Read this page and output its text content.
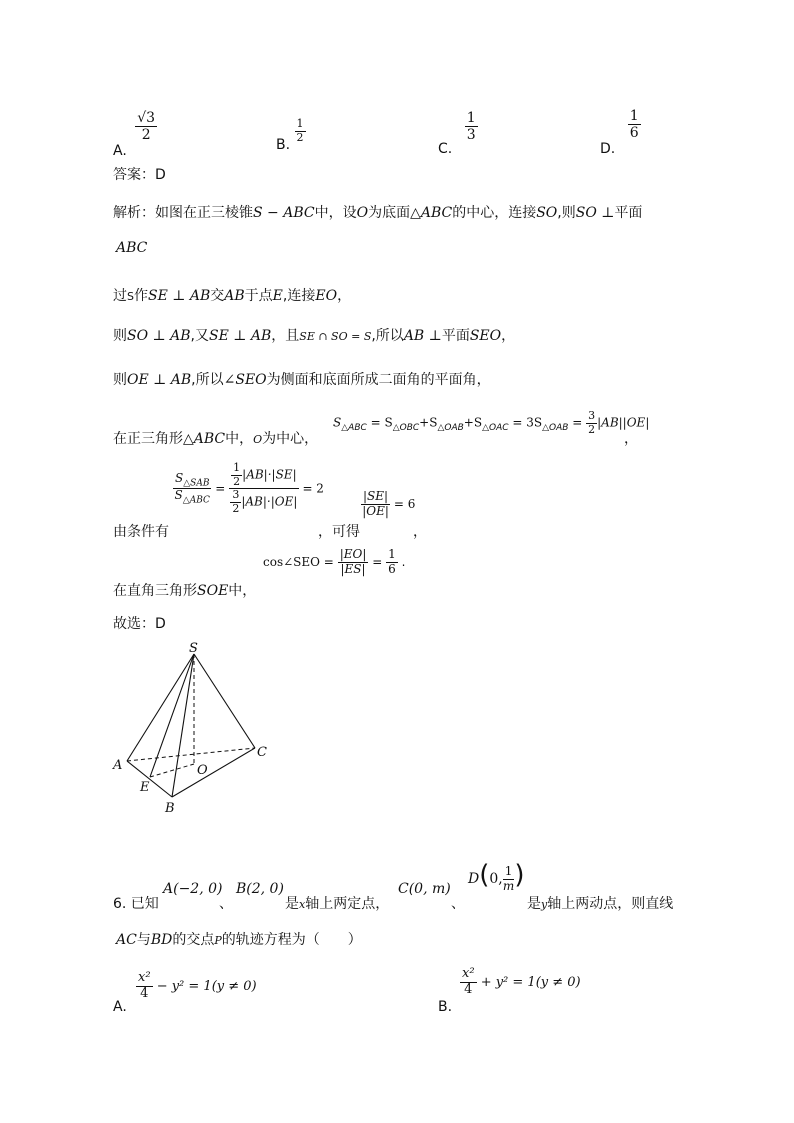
A.
$\frac{√3}{2}$
B.
$\frac{1}{2}$
C.
$\frac{1}{3}$
D.
$\frac{1}{6}$
答案：D
解析：如图在正三棱锥S − ABC中，设O为底面△ABC的中心，连接SO,则SO ⊥平面
ABC
过S作SE ⊥ AB交AB于点E,连接EO，
则SO ⊥ AB,又SE ⊥ AB，且SE ∩ SO = S,所以AB ⊥平面SEO，
则OE ⊥ AB,所以∠SEO为侧面和底面所成二面角的平面角，
在正三角形△ABC中，O为中心，
$S_{\triangle ABC} = S_{\triangle OBC}+S_{\triangle OAB}+S_{\triangle OAC} = 3S_{\triangle OAB} = \frac{3}{2} |AB||OE|$
，
由条件有
$\frac{S_{\triangle SAB}}{S_{\triangle ABC}} = \frac{\frac{1}{2} |AB|\cdot|SE|}{\frac{3}{2} |AB|\cdot|OE|} = 2$
，可得
$\frac{|SE|}{|OE|} = 6$
，
在直角三角形SOE中，
cos∠SEO = $\frac{|EO|}{|ES|} = \frac{1}{6}$ .
故选：D
S
A
B
C
E
O
6. 已知
A(−2, 0)
、
B(2, 0)
是x轴上两定点，
C(0, m)
、
D(0, $\frac{1}{m}$ )
是y轴上两动点，则直线
AC与BD的交点P的轨迹方程为（　　）
A.
$\frac{\text{x²}}{4} - y^2 = 1(y \ne 0)$
B.
$\frac{\text{x²}}{4} + y^2 = 1(y \ne 0)$
